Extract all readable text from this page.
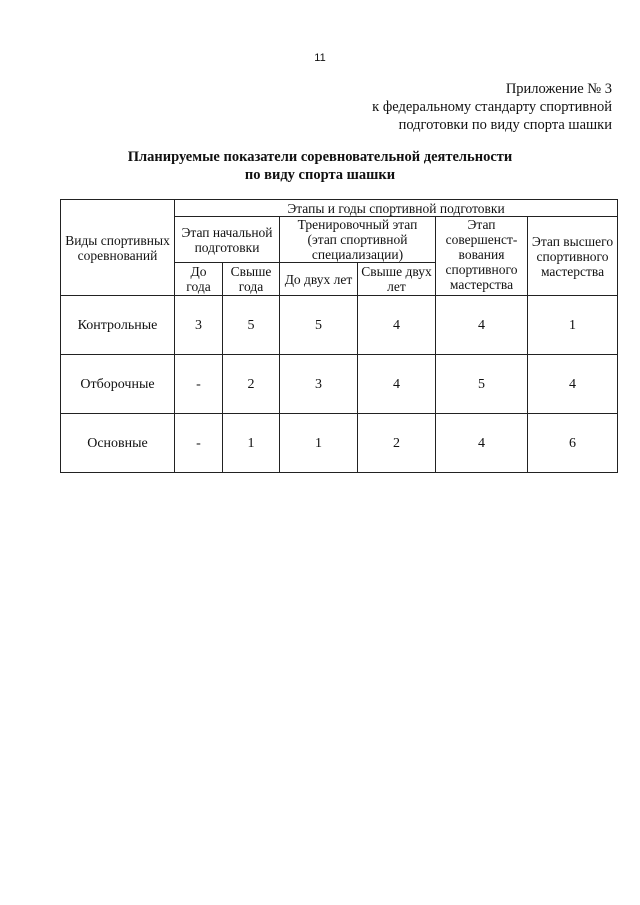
11
Приложение № 3
к федеральному стандарту спортивной
подготовки по виду спорта шашки
Планируемые показатели соревновательной деятельности
по виду спорта шашки
Виды спортивных соревнований	Этапы и годы спортивной подготовки					
	Этап начальной подготовки		Тренировочный этап (этап спортивной специализации)		Этап совершенст-вования спортивного мастерства	Этап высшего спортивного мастерства
	До года	Свыше года	До двух лет	Свыше двух лет		
Контрольные	3	5	5	4	4	1
Отборочные	-	2	3	4	5	4
Основные	-	1	1	2	4	6
